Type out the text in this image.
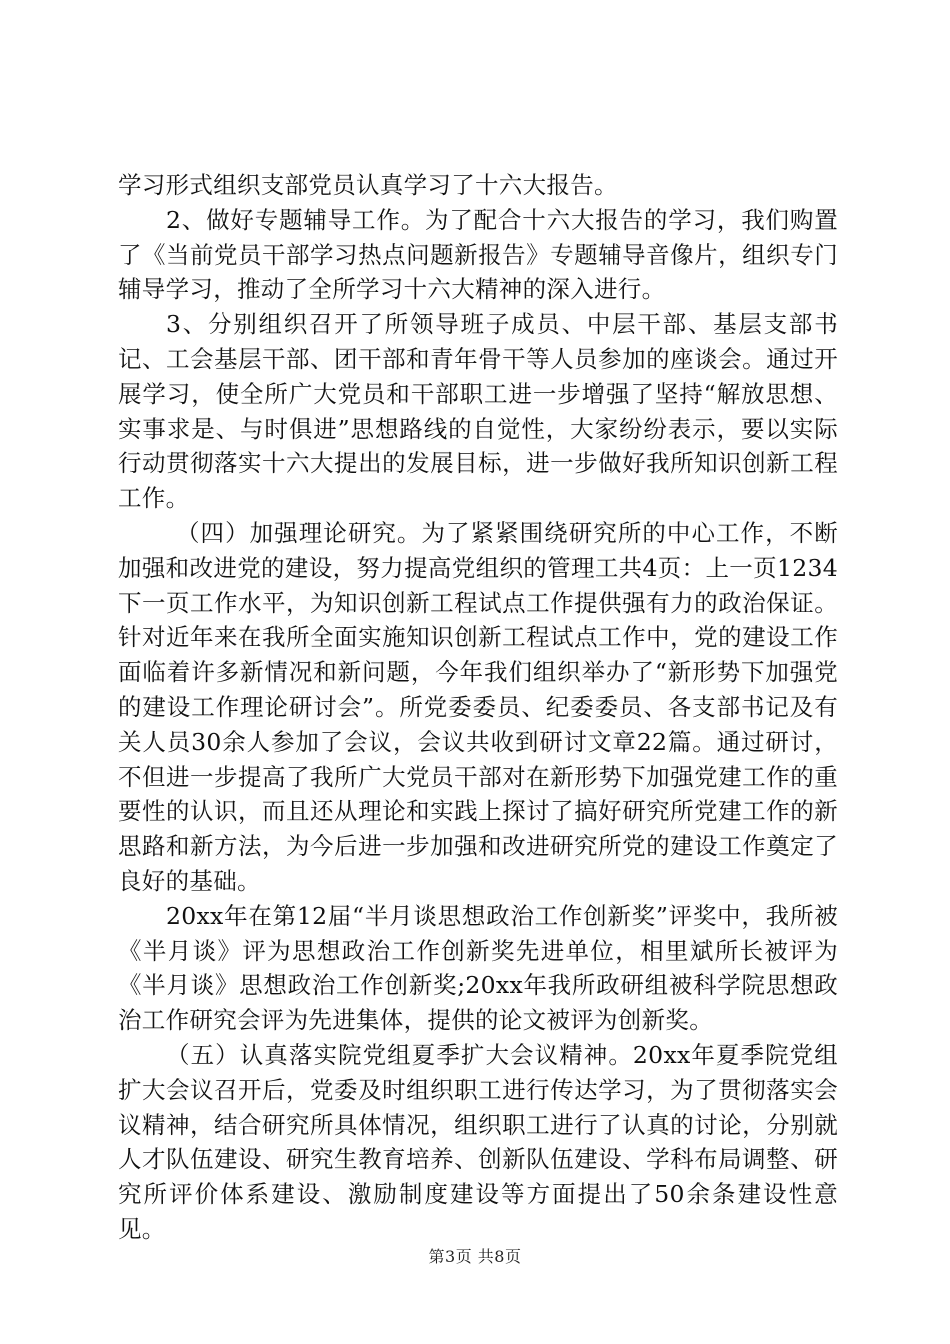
学习形式组织支部党员认真学习了十六大报告。

2、做好专题辅导工作。为了配合十六大报告的学习，我们购置了《当前党员干部学习热点问题新报告》专题辅导音像片，组织专门辅导学习，推动了全所学习十六大精神的深入进行。

3、分别组织召开了所领导班子成员、中层干部、基层支部书记、工会基层干部、团干部和青年骨干等人员参加的座谈会。通过开展学习，使全所广大党员和干部职工进一步增强了坚持“解放思想、实事求是、与时俱进”思想路线的自觉性，大家纷纷表示，要以实际行动贯彻落实十六大提出的发展目标，进一步做好我所知识创新工程工作。

（四）加强理论研究。为了紧紧围绕研究所的中心工作，不断加强和改进党的建设，努力提高党组织的管理工共4页：上一页1234下一页工作水平，为知识创新工程试点工作提供强有力的政治保证。针对近年来在我所全面实施知识创新工程试点工作中，党的建设工作面临着许多新情况和新问题，今年我们组织举办了“新形势下加强党的建设工作理论研讨会”。所党委委员、纪委委员、各支部书记及有关人员30余人参加了会议，会议共收到研讨文章22篇。通过研讨，不但进一步提高了我所广大党员干部对在新形势下加强党建工作的重要性的认识，而且还从理论和实践上探讨了搞好研究所党建工作的新思路和新方法，为今后进一步加强和改进研究所党的建设工作奠定了良好的基础。

20xx年在第12届“半月谈思想政治工作创新奖”评奖中，我所被《半月谈》评为思想政治工作创新奖先进单位，相里斌所长被评为《半月谈》思想政治工作创新奖;20xx年我所政研组被科学院思想政治工作研究会评为先进集体，提供的论文被评为创新奖。

（五）认真落实院党组夏季扩大会议精神。20xx年夏季院党组扩大会议召开后，党委及时组织职工进行传达学习，为了贯彻落实会议精神，结合研究所具体情况，组织职工进行了认真的讨论，分别就人才队伍建设、研究生教育培养、创新队伍建设、学科布局调整、研究所评价体系建设、激励制度建设等方面提出了50余条建设性意见。

第3页 共8页
